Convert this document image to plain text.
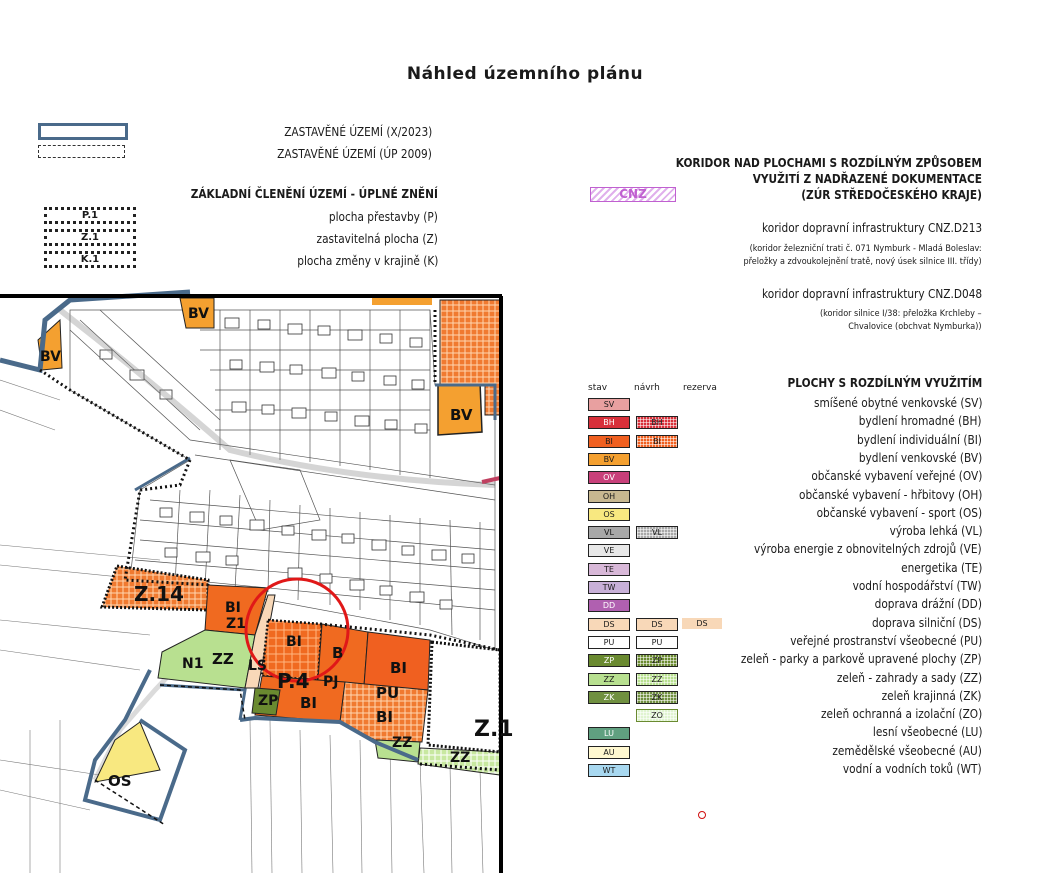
Náhled územního plánu
ZASTAVĚNÉ ÚZEMÍ (X/2023)
ZASTAVĚNÉ ÚZEMÍ (ÚP 2009)
ZÁKLADNÍ ČLENĚNÍ ÚZEMÍ - ÚPLNÉ ZNĚNÍ
P.1
Z.1
K.1
plocha přestavby (P)
zastavitelná plocha (Z)
plocha změny v krajině (K)
KORIDOR NAD PLOCHAMI S ROZDÍLNÝM ZPŮSOBEM
VYUŽITÍ Z NADŘAZENÉ DOKUMENTACE
(ZÚR STŘEDOČESKÉHO KRAJE)
CNZ
koridor dopravní infrastruktury CNZ.D213
(koridor železniční trati č. 071 Nymburk - Mladá Boleslav:
přeložky a zdvoukolejnění tratě, nový úsek silnice III. třídy)
koridor dopravní infrastruktury CNZ.D048
(koridor silnice I/38: přeložka Krchleby –
Chvalovice (obchvat Nymburka))
PLOCHY S ROZDÍLNÝM VYUŽITÍM
stav	návrh	rezerva
SV	smíšené obytné venkovské (SV)
BH	BH	bydlení hromadné (BH)
BI	BI	bydlení individuální (BI)
BV	bydlení venkovské (BV)
OV	občanské vybavení veřejné (OV)
OH	občanské vybavení - hřbitovy (OH)
OS	občanské vybavení - sport (OS)
VL	VL	výroba lehká (VL)
VE	výroba energie z obnovitelných zdrojů (VE)
TE	energetika (TE)
TW	vodní hospodářství (TW)
DD	doprava drážní (DD)
DS	DS	DS	doprava silniční (DS)
PU	PU	veřejné prostranství všeobecné (PU)
ZP	ZP	zeleň - parky a parkově upravené plochy (ZP)
ZZ	ZZ	zeleň - zahrady a sady (ZZ)
ZK	ZK	zeleň krajinná (ZK)
ZO	zeleň ochranná a izolační (ZO)
LU	lesní všeobecné (LU)
AU	zemědělské všeobecné (AU)
WT	vodní a vodních toků (WT)
BV
BV
BV
Z.14
BI
Z1
BI
B
BI
PU
BI
BI
N1 ZZ LS
P.4 PJ
ZP
ZZ
ZZ
OS
Z.1
